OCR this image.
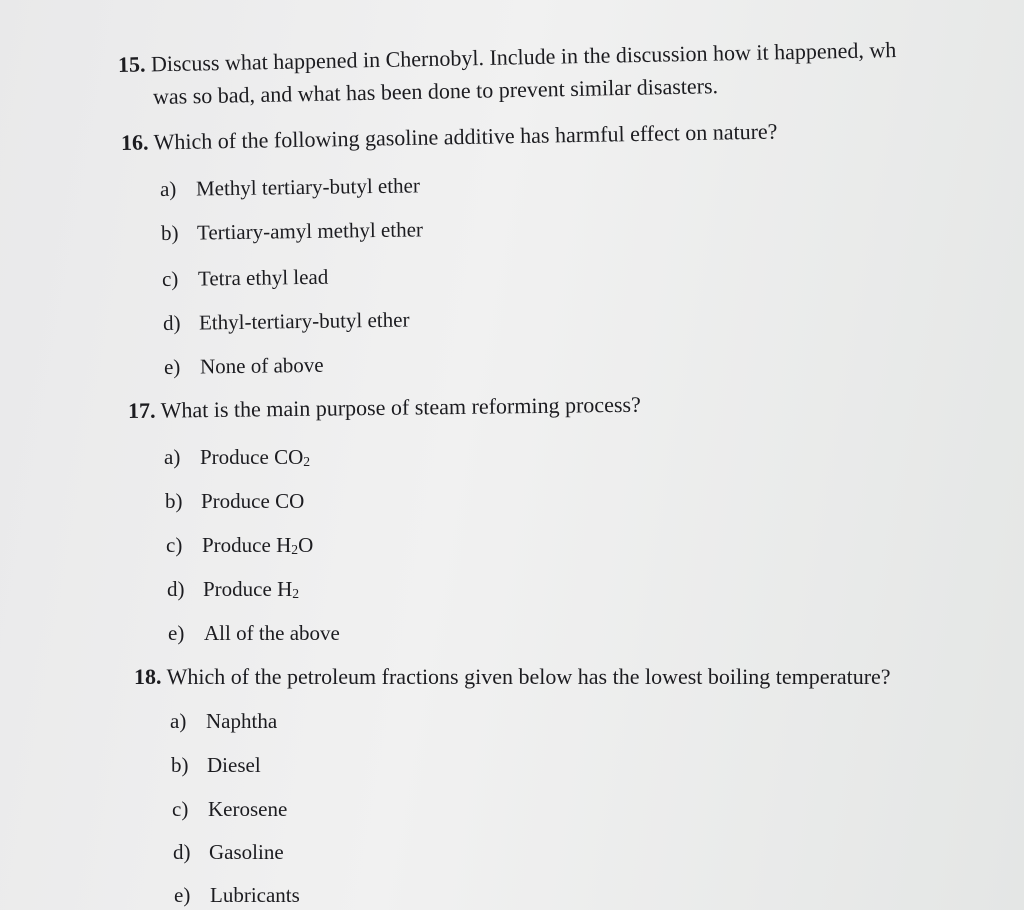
15. Discuss what happened in Chernobyl. Include in the discussion how it happened, wh
was so bad, and what has been done to prevent similar disasters.
16. Which of the following gasoline additive has harmful effect on nature?
a) Methyl tertiary-butyl ether
b) Tertiary-amyl methyl ether
c) Tetra ethyl lead
d) Ethyl-tertiary-butyl ether
e) None of above
17. What is the main purpose of steam reforming process?
a) Produce $CO_2$
b) Produce CO
c) Produce $H_2O$
d) Produce $H_2$
e) All of the above
18. Which of the petroleum fractions given below has the lowest boiling temperature?
a) Naphtha
b) Diesel
c) Kerosene
d) Gasoline
e) Lubricants
